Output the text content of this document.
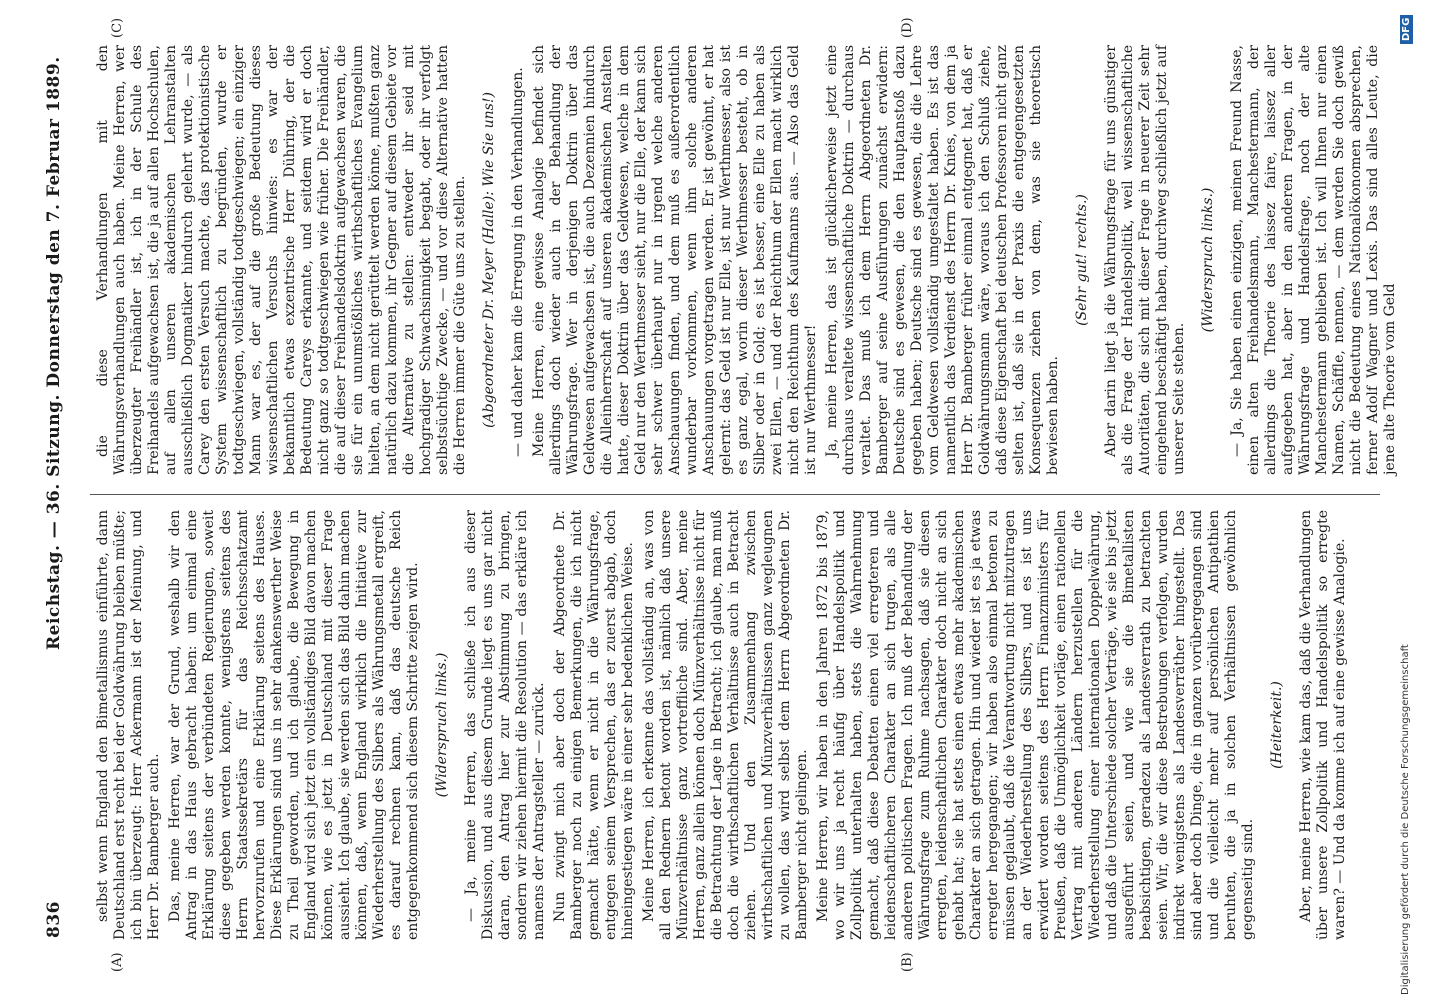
836
Reichstag. — 36. Sitzung. Donnerstag den 7. Februar 1889.
(A)	(B)
(C)	(D)

selbst wenn England den Bimetallismus einführte, dann Deutschland erst recht bei der Goldwährung bleiben müßte; ich bin überzeugt: Herr Ackermann ist der Meinung, und Herr Dr. Bamberger auch. Das, meine Herren, war der Grund, weshalb wir den Antrag in das Haus gebracht haben: um einmal eine Erklärung seitens der verbündeten Regierungen, soweit diese gegeben werden konnte, wenigstens seitens des Herrn Staatssekretärs für das Reichsschatzamt hervorzurufen und eine Erklärung seitens des Hauses. Diese Erklärungen sind uns in sehr dankenswerther Weise zu Theil geworden, und ich glaube, die Bewegung in England wird sich jetzt ein vollständiges Bild davon machen können, wie es jetzt in Deutschland mit dieser Frage aussieht. Ich glaube, sie werden sich das Bild dahin machen können, daß, wenn England wirklich die Initiative zur Wiederherstellung des Silbers als Währungsmetall ergreift, es darauf rechnen kann, daß das deutsche Reich entgegenkommend sich diesem Schritte zeigen wird. (Widerspruch links.) — Ja, meine Herren, das schließe ich aus dieser Diskussion, und aus diesem Grunde liegt es uns gar nicht daran, den Antrag hier zur Abstimmung zu bringen, sondern wir ziehen hiermit die Resolution — das erkläre ich namens der Antragsteller — zurück. Nun zwingt mich aber doch der Abgeordnete Dr. Bamberger noch zu einigen Bemerkungen, die ich nicht gemacht hätte, wenn er nicht in die Währungsfrage, entgegen seinem Versprechen, das er zuerst abgab, doch hineingestiegen wäre in einer sehr bedenklichen Weise. Meine Herren, ich erkenne das vollständig an, was von all den Rednern betont worden ist, nämlich daß unsere Münzverhältnisse ganz vortreffliche sind. Aber, meine Herren, ganz allein können doch Münzverhältnisse nicht für die Betrachtung der Lage in Betracht; ich glaube, man muß doch die wirthschaftlichen Verhältnisse auch in Betracht ziehen. Und den Zusammenhang zwischen wirthschaftlichen und Münzverhältnissen ganz wegleugnen zu wollen, das wird selbst dem Herrn Abgeordneten Dr. Bamberger nicht gelingen. Meine Herren, wir haben in den Jahren 1872 bis 1879, wo wir uns ja recht häufig über Handelspolitik und Zollpolitik unterhalten haben, stets die Wahrnehmung gemacht, daß diese Debatten einen viel erregteren und leidenschaftlicheren Charakter an sich trugen, als alle anderen politischen Fragen. Ich muß der Behandlung der Währungsfrage zum Ruhme nachsagen, daß sie diesen erregten, leidenschaftlichen Charakter doch nicht an sich gehabt hat; sie hat stets einen etwas mehr akademischen Charakter an sich getragen. Hin und wieder ist es ja etwas erregter hergegangen; wir haben also einmal betonen zu müssen geglaubt, daß die Verantwortung nicht mitzutragen an der Wiederherstellung des Silbers, und es ist uns erwidert worden seitens des Herrn Finanzministers für Preußen, daß die Unmöglichkeit vorläge, einen rationellen Vertrag mit anderen Ländern herzustellen für die Wiederherstellung einer internationalen Doppelwährung, und daß die Unterschiede solcher Verträge, wie sie bis jetzt ausgeführt seien, und wie sie die Bimetallisten beabsichtigen, geradezu als Landesverrath zu betrachten seien. Wir, die wir diese Bestrebungen verfolgen, wurden indirekt wenigstens als Landesverräther hingestellt. Das sind aber doch Dinge, die in ganzen vorübergegangen sind und die vielleicht mehr auf persönlichen Antipathien beruhten, die ja in solchen Verhältnissen gewöhnlich gegenseitig sind.

(Heiterkeit.) Aber, meine Herren, wie kam das, daß die Verhandlungen über unsere Zollpolitik und Handelspolitik so erregte waren? — Und da komme ich auf eine gewisse Analogie.

die diese Verhandlungen mit den Währungsverhandlungen auch haben. Meine Herren, wer überzeugter Freihändler ist, ich in der Schule des Freihandels aufgewachsen ist, die ja auf allen Hochschulen, auf allen unseren akademischen Lehranstalten ausschließlich Dogmatiker hindurch gelehrt wurde, — als Carey den ersten Versuch machte, das protektionistische System wissenschaftlich zu begründen, wurde er todtgeschwiegen, vollständig todtgeschwiegen; ein einziger Mann war es, der auf die große Bedeutung dieses wissenschaftlichen Versuchs hinwies: es war der bekanntlich etwas exzentrische Herr Dühring, der die Bedeutung Careys erkannte, und seitdem wird er doch nicht ganz so todtgeschwiegen wie früher. Die Freihändler, die auf dieser Freihandelsdoktrin aufgewachsen waren, die sie für ein unumstößliches wirthschaftliches Evangelium hielten, an dem nicht gerüttelt werden könne, mußten ganz natürlich dazu kommen, ihr Gegner auf diesem Gebiete vor die Alternative zu stellen: entweder ihr seid mit hochgradiger Schwachsinnigkeit begabt, oder ihr verfolgt selbstsüchtige Zwecke, — und vor diese Alternative hatten die Herren immer die Güte uns zu stellen. (Abgeordneter Dr. Meyer (Halle): Wie Sie uns!) — und daher kam die Erregung in den Verhandlungen. Meine Herren, eine gewisse Analogie befindet sich allerdings doch wieder auch in der Behandlung der Währungsfrage. Wer in derjenigen Doktrin über das Geldwesen aufgewachsen ist, die auch Dezennien hindurch die Alleinherrschaft auf unseren akademischen Anstalten hatte, dieser Doktrin über das Geldwesen, welche in dem Geld nur den Werthmesser sieht, nur die Elle, der kann sich sehr schwer überhaupt nur in irgend welche anderen Anschauungen finden, und dem muß es außerordentlich wunderbar vorkommen, wenn ihm solche anderen Anschauungen vorgetragen werden. Er ist gewöhnt, er hat gelernt: das Geld ist nur Elle, ist nur Werthmesser, also ist es ganz egal, worin dieser Werthmesser besteht, ob in Silber oder in Gold; es ist besser, eine Elle zu haben als zwei Ellen, — und der Reichthum der Ellen macht wirklich nicht den Reichthum des Kaufmanns aus. — Also das Geld ist nur Werthmesser! Ja, meine Herren, das ist glücklicherweise jetzt eine durchaus veraltete wissenschaftliche Doktrin — durchaus veraltet. Das muß ich dem Herrn Abgeordneten Dr. Bamberger auf seine Ausführungen zunächst erwidern: Deutsche sind es gewesen, die den Hauptanstoß dazu gegeben haben; Deutsche sind es gewesen, die die Lehre vom Geldwesen vollständig umgestaltet haben. Es ist das namentlich das Verdienst des Herrn Dr. Knies, von dem ja Herr Dr. Bamberger früher einmal entgegnet hat, daß er Goldwährungsmann wäre, woraus ich den Schluß ziehe, daß diese Eigenschaft bei deutschen Professoren nicht ganz selten ist, daß sie in der Praxis die entgegengesetzten Konsequenzen ziehen von dem, was sie theoretisch bewiesen haben.

(Sehr gut! rechts.) Aber darin liegt ja die Währungsfrage für uns günstiger als die Frage der Handelspolitik, weil wissenschaftliche Autoritäten, die sich mit dieser Frage in neuerer Zeit sehr eingehend beschäftigt haben, durchweg schließlich jetzt auf unserer Seite stehen.

(Widerspruch links.) — Ja, Sie haben einen einzigen, meinen Freund Nasse, einen alten Freihandelsmann, Manchestermann, der allerdings die Theorie des laissez faire, laissez aller aufgegeben hat, aber in den anderen Fragen, in der Währungsfrage und Handelsfrage, noch der alte Manchestermann geblieben ist. Ich will Ihnen nur einen Namen, Schäffle, nennen, — dem werden Sie doch gewiß nicht die Bedeutung eines Nationalökonomen absprechen, ferner Adolf Wagner und Lexis. Das sind alles Leute, die jene alte Theorie vom Geld

Digitalisierung gefördert durch die Deutsche Forschungsgemeinschaft
DFG
